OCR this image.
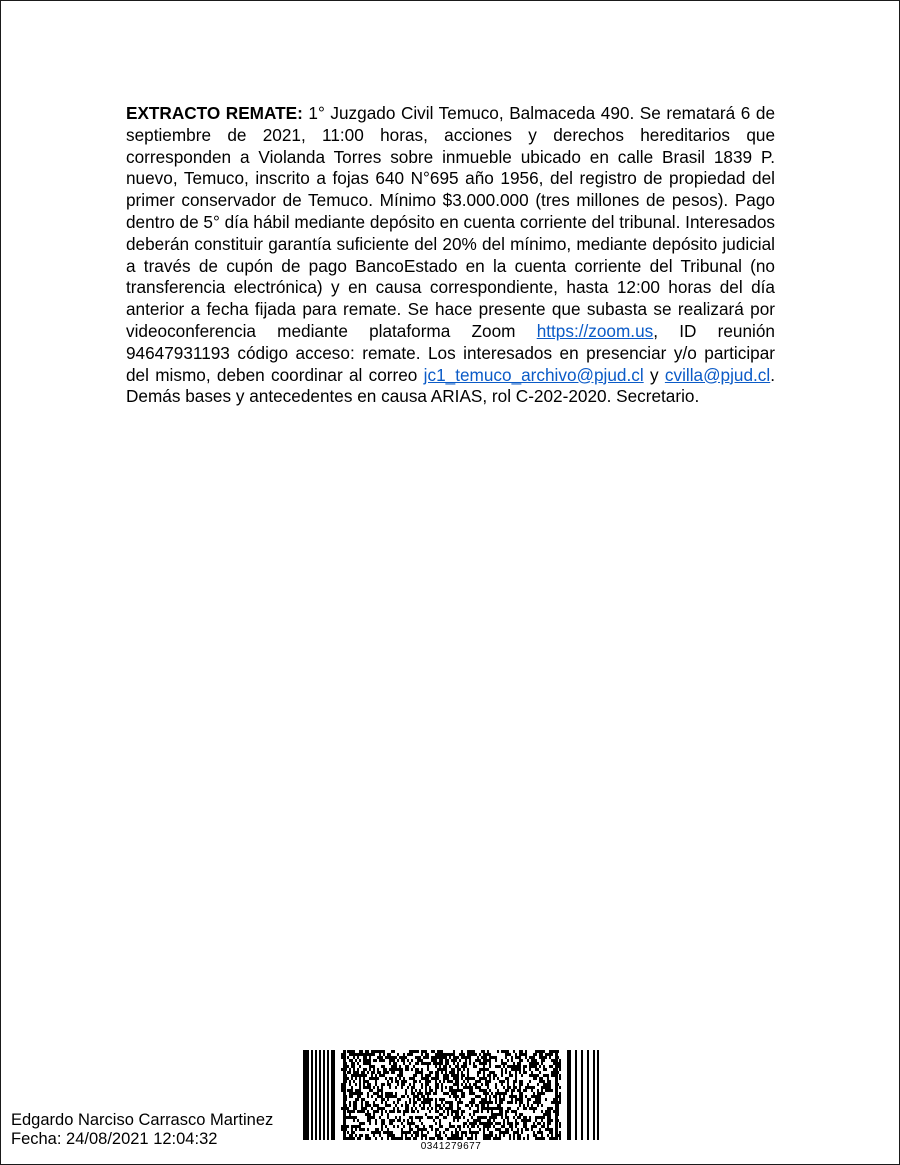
EXTRACTO REMATE: 1° Juzgado Civil Temuco, Balmaceda 490. Se rematará 6 de septiembre de 2021, 11:00 horas, acciones y derechos hereditarios que corresponden a Violanda Torres sobre inmueble ubicado en calle Brasil 1839 P. nuevo, Temuco, inscrito a fojas 640 N°695 año 1956, del registro de propiedad del primer conservador de Temuco. Mínimo $3.000.000 (tres millones de pesos). Pago dentro de 5° día hábil mediante depósito en cuenta corriente del tribunal. Interesados deberán constituir garantía suficiente del 20% del mínimo, mediante depósito judicial a través de cupón de pago BancoEstado en la cuenta corriente del Tribunal (no transferencia electrónica) y en causa correspondiente, hasta 12:00 horas del día anterior a fecha fijada para remate. Se hace presente que subasta se realizará por videoconferencia mediante plataforma Zoom https://zoom.us, ID reunión 94647931193 código acceso: remate. Los interesados en presenciar y/o participar del mismo, deben coordinar al correo jc1_temuco_archivo@pjud.cl y cvilla@pjud.cl. Demás bases y antecedentes en causa ARIAS, rol C-202-2020. Secretario.
Edgardo Narciso Carrasco Martinez
Fecha: 24/08/2021 12:04:32	0341279677
